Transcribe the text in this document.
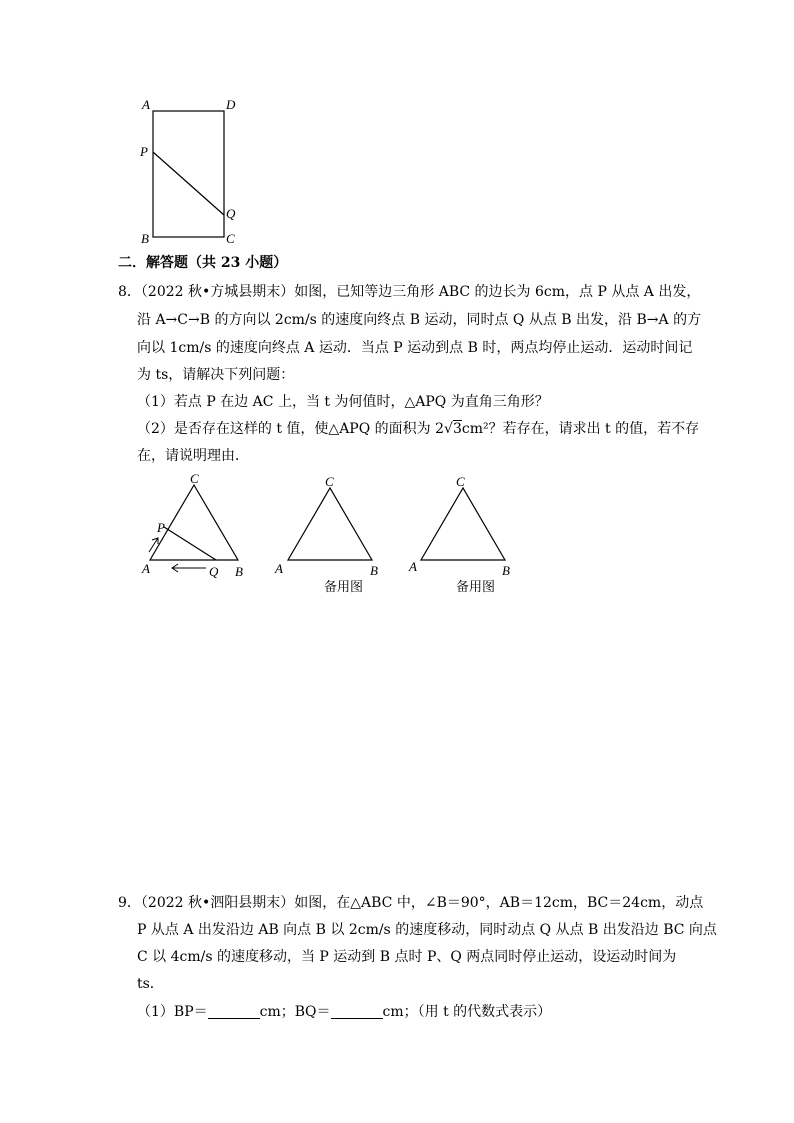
A	D
P
Q
B	C
二．解答题（共 23 小题）
8．（2022 秋•方城县期末）如图，已知等边三角形 ABC 的边长为 6cm，点 P 从点 A 出发，
沿 A→C→B 的方向以 2cm/s 的速度向终点 B 运动，同时点 Q 从点 B 出发，沿 B→A 的方
向以 1cm/s 的速度向终点 A 运动．当点 P 运动到点 B 时，两点均停止运动．运动时间记
为 ts，请解决下列问题：
（1）若点 P 在边 AC 上，当 t 为何值时，△APQ 为直角三角形？
（2）是否存在这样的 t 值，使△APQ 的面积为 2√3cm²？若存在，请求出 t 的值，若不存
在，请说明理由．
C
P
A	Q B
C
A	B
备用图
C
A	B
备用图
9．（2022 秋•泗阳县期末）如图，在△ABC 中，∠B＝90°，AB＝12cm，BC＝24cm，动点
P 从点 A 出发沿边 AB 向点 B 以 2cm/s 的速度移动，同时动点 Q 从点 B 出发沿边 BC 向点
C 以 4cm/s 的速度移动，当 P 运动到 B 点时 P、Q 两点同时停止运动，设运动时间为
ts．
（1）BP＝	cm；BQ＝	cm；（用 t 的代数式表示）
